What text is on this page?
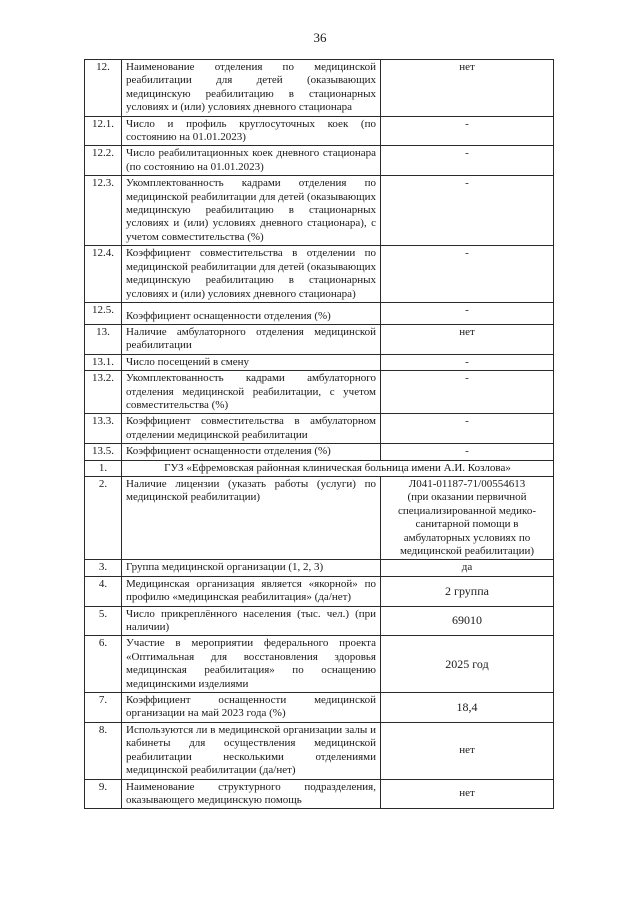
36
12.	Наименование отделения по медицинской реабилитации для детей (оказывающих медицинскую реабилитацию в стационарных условиях и (или) условиях дневного стационара	нет
12.1.	Число и профиль круглосуточных коек (по состоянию на 01.01.2023)	-
12.2.	Число реабилитационных коек дневного стационара (по состоянию на 01.01.2023)	-
12.3.	Укомплектованность кадрами отделения по медицинской реабилитации для детей (оказывающих медицинскую реабилитацию в стационарных условиях и (или) условиях дневного стационара), с учетом совместительства (%)	-
12.4.	Коэффициент совместительства в отделении по медицинской реабилитации для детей (оказывающих медицинскую реабилитацию в стационарных условиях и (или) условиях дневного стационара)	-
12.5.	Коэффициент оснащенности отделения (%)	-
13.	Наличие амбулаторного отделения медицинской реабилитации	нет
13.1.	Число посещений в смену	-
13.2.	Укомплектованность кадрами амбулаторного отделения медицинской реабилитации, с учетом совместительства (%)	-
13.3.	Коэффициент совместительства в амбулаторном отделении медицинской реабилитации	-
13.5.	Коэффициент оснащенности отделения (%)	-
1.	ГУЗ «Ефремовская районная клиническая больница имени А.И. Козлова»	
2.	Наличие лицензии (указать работы (услуги) по медицинской реабилитации)	Л041-01187-71/00554613
(при оказании первичной специализированной медико-санитарной помощи в амбулаторных условиях по медицинской реабилитации)
3.	Группа медицинской организации (1, 2, 3)	да
4.	Медицинская организация является «якорной» по профилю «медицинская реабилитация» (да/нет)	2 группа
5.	Число прикреплённого населения (тыс. чел.) (при наличии)	69010
6.	Участие в мероприятии федерального проекта «Оптимальная для восстановления здоровья медицинская реабилитация» по оснащению медицинскими изделиями	2025 год
7.	Коэффициент оснащенности медицинской организации на май 2023 года (%)	18,4
8.	Используются ли в медицинской организации залы и кабинеты для осуществления медицинской реабилитации несколькими отделениями медицинской реабилитации (да/нет)	нет
9.	Наименование структурного подразделения, оказывающего медицинскую помощь	нет
